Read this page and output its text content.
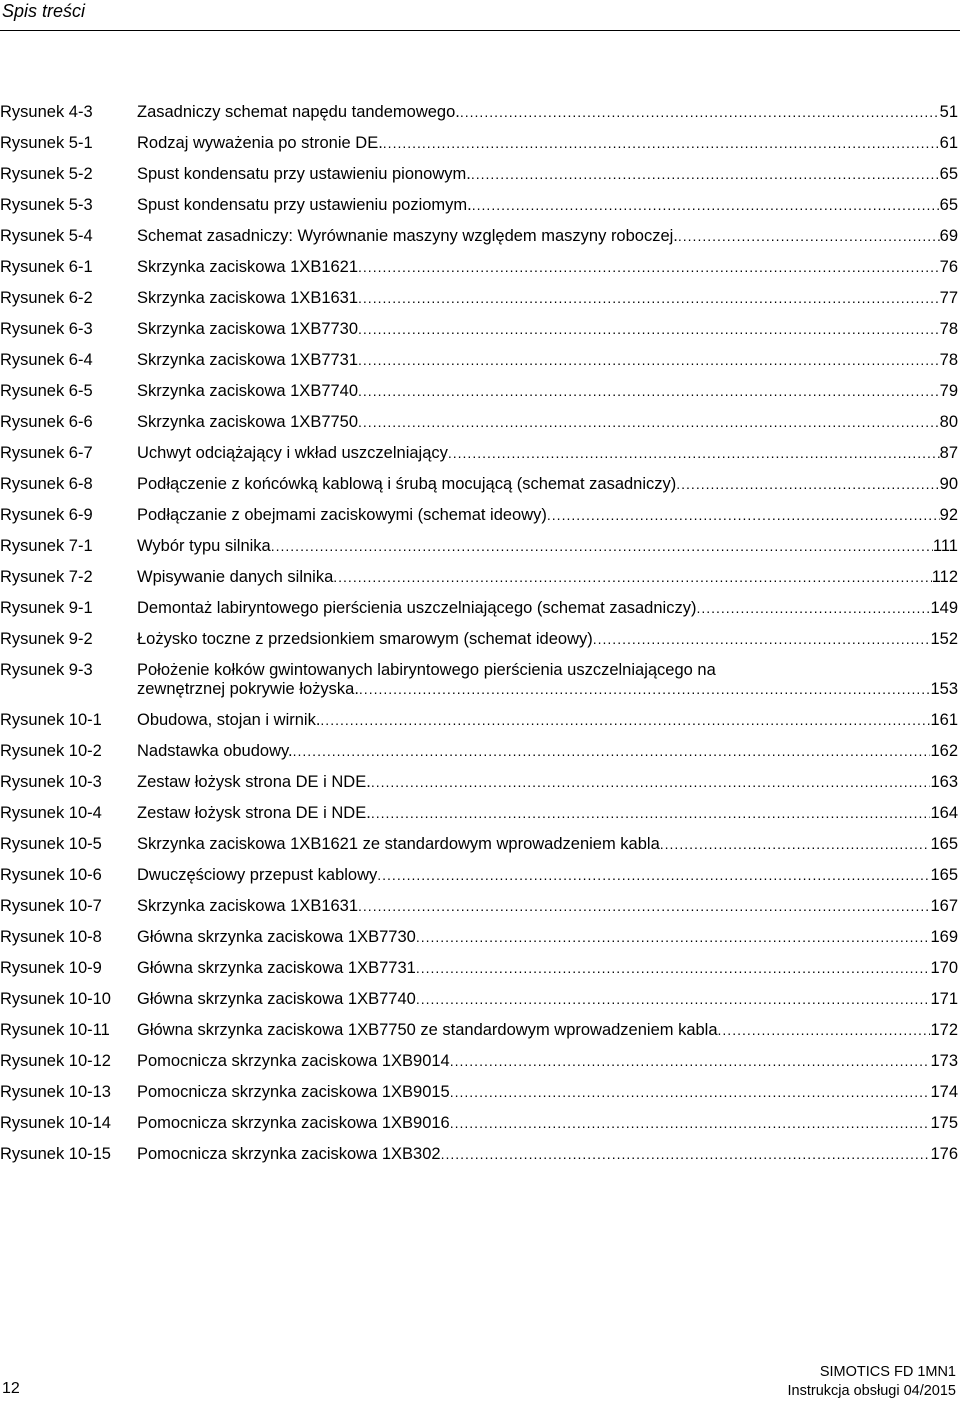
Spis treści
Rysunek 4-3	Zasadniczy schemat napędu tandemowego. .....	51
Rysunek 5-1	Rodzaj wyważenia po stronie DE. .....	61
Rysunek 5-2	Spust kondensatu przy ustawieniu pionowym. .....	65
Rysunek 5-3	Spust kondensatu przy ustawieniu poziomym. .....	65
Rysunek 5-4	Schemat zasadniczy: Wyrównanie maszyny względem maszyny roboczej. .....	69
Rysunek 6-1	Skrzynka zaciskowa 1XB1621 .....	76
Rysunek 6-2	Skrzynka zaciskowa 1XB1631 .....	77
Rysunek 6-3	Skrzynka zaciskowa 1XB7730 .....	78
Rysunek 6-4	Skrzynka zaciskowa 1XB7731 .....	78
Rysunek 6-5	Skrzynka zaciskowa 1XB7740 .....	79
Rysunek 6-6	Skrzynka zaciskowa 1XB7750 .....	80
Rysunek 6-7	Uchwyt odciążający i wkład uszczelniający .....	87
Rysunek 6-8	Podłączenie z końcówką kablową i śrubą mocującą (schemat zasadniczy) .....	90
Rysunek 6-9	Podłączanie z obejmami zaciskowymi (schemat ideowy) .....	92
Rysunek 7-1	Wybór typu silnika .....	111
Rysunek 7-2	Wpisywanie danych silnika .....	112
Rysunek 9-1	Demontaż labiryntowego pierścienia uszczelniającego (schemat zasadniczy) .....	149
Rysunek 9-2	Łożysko toczne z przedsionkiem smarowym (schemat ideowy) .....	152
Rysunek 9-3	Położenie kołków gwintowanych labiryntowego pierścienia uszczelniającego na
zewnętrznej pokrywie łożyska. .....	153
Rysunek 10-1	Obudowa, stojan i wirnik. .....	161
Rysunek 10-2	Nadstawka obudowy. .....	162
Rysunek 10-3	Zestaw łożysk strona DE i NDE. .....	163
Rysunek 10-4	Zestaw łożysk strona DE i NDE. .....	164
Rysunek 10-5	Skrzynka zaciskowa 1XB1621 ze standardowym wprowadzeniem kabla .....	165
Rysunek 10-6	Dwuczęściowy przepust kablowy .....	165
Rysunek 10-7	Skrzynka zaciskowa 1XB1631 .....	167
Rysunek 10-8	Główna skrzynka zaciskowa 1XB7730 .....	169
Rysunek 10-9	Główna skrzynka zaciskowa 1XB7731 .....	170
Rysunek 10-10	Główna skrzynka zaciskowa 1XB7740 .....	171
Rysunek 10-11	Główna skrzynka zaciskowa 1XB7750 ze standardowym wprowadzeniem kabla .....	172
Rysunek 10-12	Pomocnicza skrzynka zaciskowa 1XB9014 .....	173
Rysunek 10-13	Pomocnicza skrzynka zaciskowa 1XB9015 .....	174
Rysunek 10-14	Pomocnicza skrzynka zaciskowa 1XB9016 .....	175
Rysunek 10-15	Pomocnicza skrzynka zaciskowa 1XB302 .....	176
12
SIMOTICS FD 1MN1
Instrukcja obsługi 04/2015
